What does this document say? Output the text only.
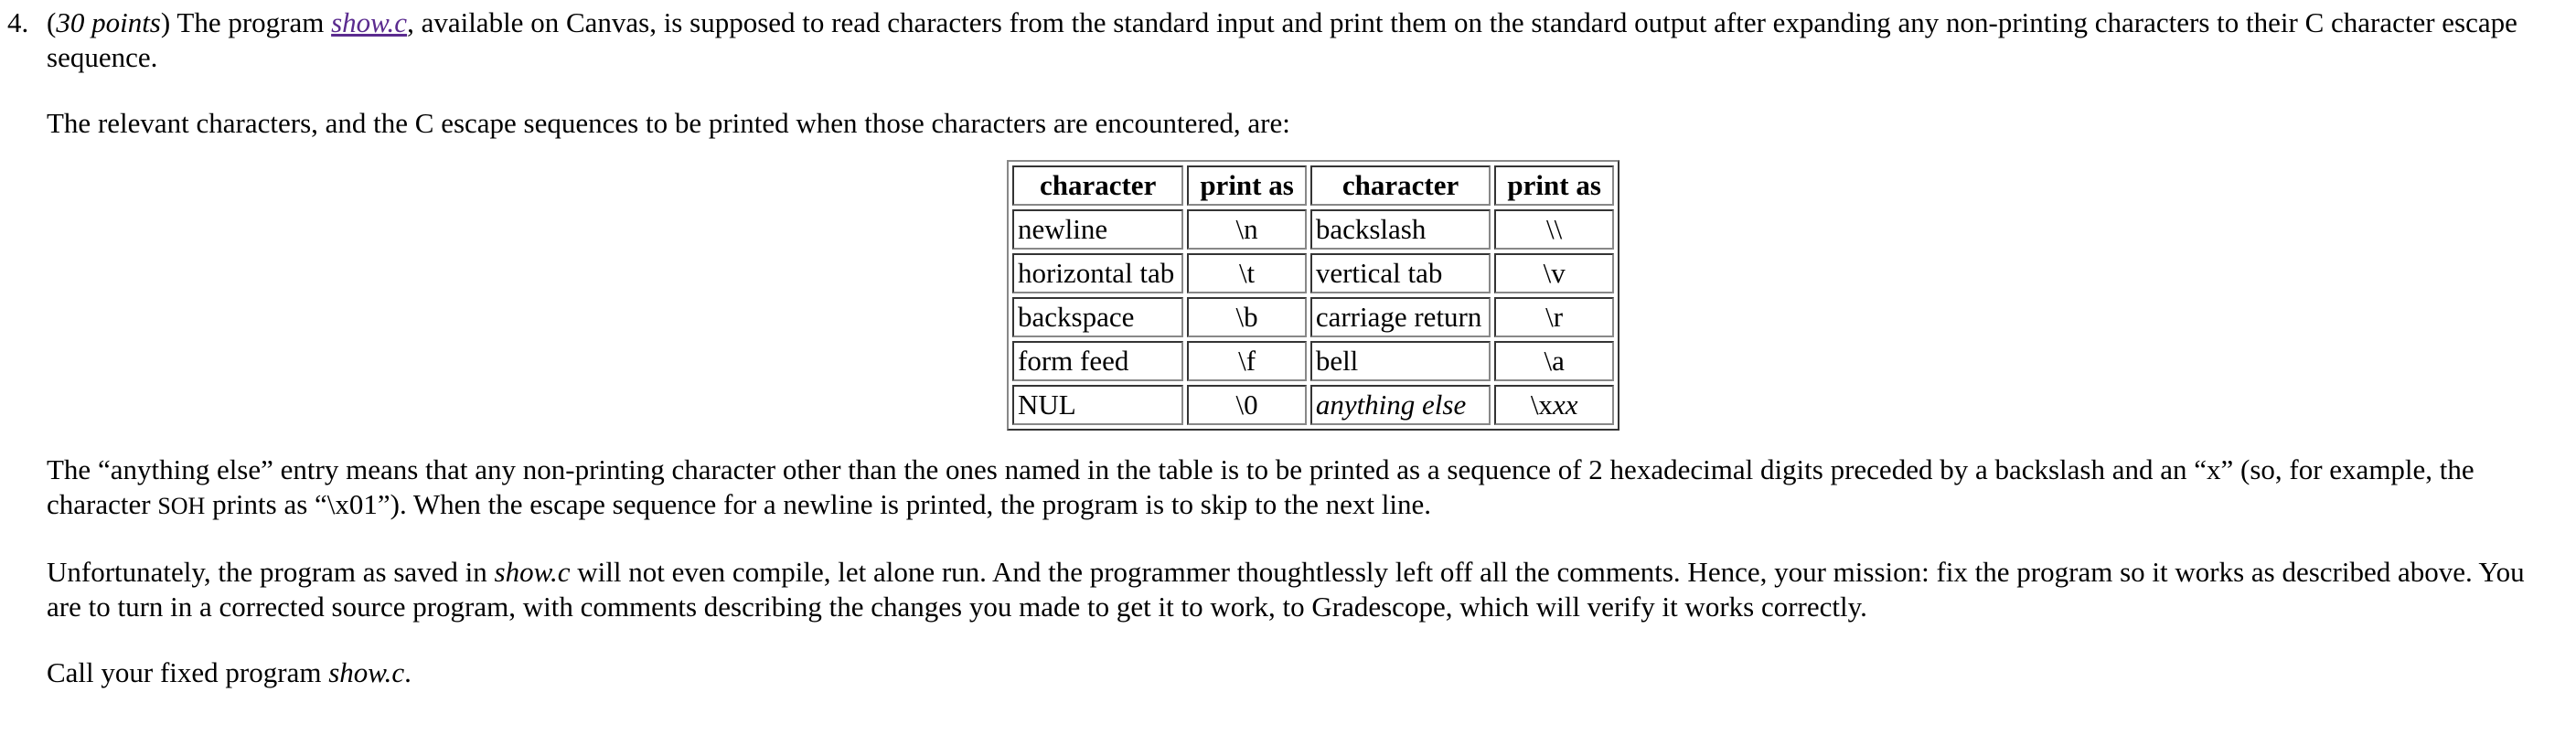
4. (30 points) The program show.c, available on Canvas, is supposed to read characters from the standard input and print them on the standard output after expanding any non-printing characters to their C character escape sequence.

The relevant characters, and the C escape sequences to be printed when those characters are encountered, are:

character	print as	character	print as
newline	\n	backslash	\\
horizontal tab	\t	vertical tab	\v
backspace	\b	carriage return	\r
form feed	\f	bell	\a
NUL	\0	anything else	\xxx

The “anything else” entry means that any non-printing character other than the ones named in the table is to be printed as a sequence of 2 hexadecimal digits preceded by a backslash and an “x” (so, for example, the character SOH prints as “\x01”). When the escape sequence for a newline is printed, the program is to skip to the next line.

Unfortunately, the program as saved in show.c will not even compile, let alone run. And the programmer thoughtlessly left off all the comments. Hence, your mission: fix the program so it works as described above. You are to turn in a corrected source program, with comments describing the changes you made to get it to work, to Gradescope, which will verify it works correctly.

Call your fixed program show.c.
